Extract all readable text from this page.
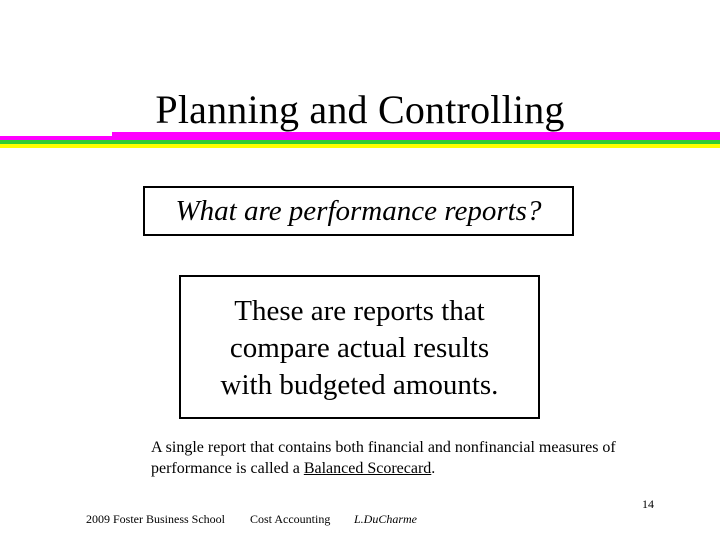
Planning and Controlling
What are performance reports?
These are reports that
compare actual results
with budgeted amounts.
A single report that contains both financial and nonfinancial measures of performance is called a Balanced Scorecard.
14
2009 Foster Business School Cost Accounting L.DuCharme
